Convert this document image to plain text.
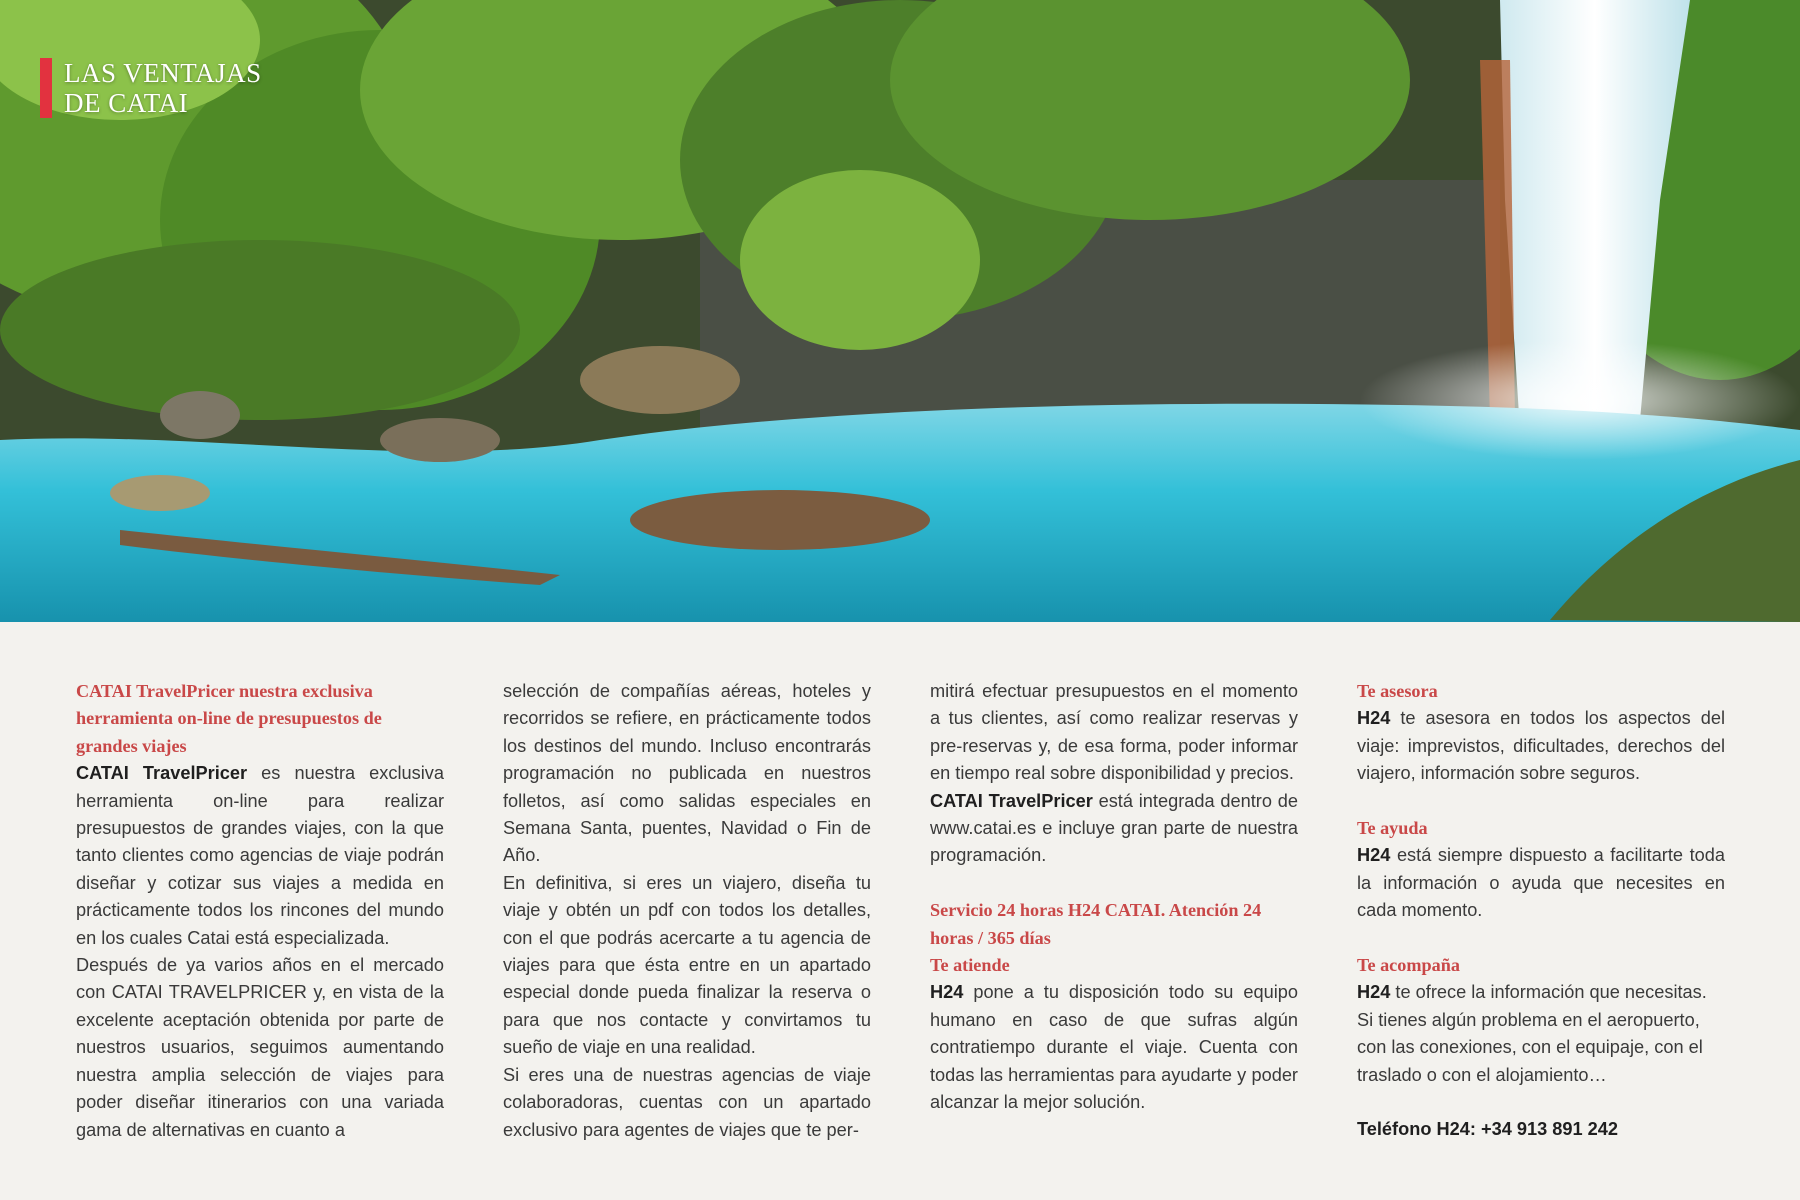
LAS VENTAJAS
DE CATAI

CATAI TravelPricer nuestra exclusiva herramienta on-line de presupuestos de grandes viajes

CATAI TravelPricer es nuestra exclusiva herramienta on-line para realizar presupuestos de grandes viajes, con la que tanto clientes como agencias de viaje podrán diseñar y cotizar sus viajes a medida en prácticamente todos los rincones del mundo en los cuales Catai está especializada.

Después de ya varios años en el mercado con CATAI TRAVELPRICER y, en vista de la excelente aceptación obtenida por parte de nuestros usuarios, seguimos aumentando nuestra amplia selección de viajes para poder diseñar itinerarios con una variada gama de alternativas en cuanto a

selección de compañías aéreas, hoteles y recorridos se refiere, en prácticamente todos los destinos del mundo. Incluso encontrarás programación no publicada en nuestros folletos, así como salidas especiales en Semana Santa, puentes, Navidad o Fin de Año.

En definitiva, si eres un viajero, diseña tu viaje y obtén un pdf con todos los detalles, con el que podrás acercarte a tu agencia de viajes para que ésta entre en un apartado especial donde pueda finalizar la reserva o para que nos contacte y convirtamos tu sueño de viaje en una realidad.

Si eres una de nuestras agencias de viaje colaboradoras, cuentas con un apartado exclusivo para agentes de viajes que te per-

mitirá efectuar presupuestos en el momento a tus clientes, así como realizar reservas y pre-reservas y, de esa forma, poder informar en tiempo real sobre disponibilidad y precios.

CATAI TravelPricer está integrada dentro de www.catai.es e incluye gran parte de nuestra programación.

Servicio 24 horas H24 CATAI. Atención 24 horas / 365 días

Te atiende

H24 pone a tu disposición todo su equipo humano en caso de que sufras algún contratiempo durante el viaje. Cuenta con todas las herramientas para ayudarte y poder alcanzar la mejor solución.

Te asesora

H24 te asesora en todos los aspectos del viaje: imprevistos, dificultades, derechos del viajero, información sobre seguros.

Te ayuda

H24 está siempre dispuesto a facilitarte toda la información o ayuda que necesites en cada momento.

Te acompaña

H24 te ofrece la información que necesitas. Si tienes algún problema en el aeropuerto, con las conexiones, con el equipaje, con el traslado o con el alojamiento…

Teléfono H24: +34 913 891 242
